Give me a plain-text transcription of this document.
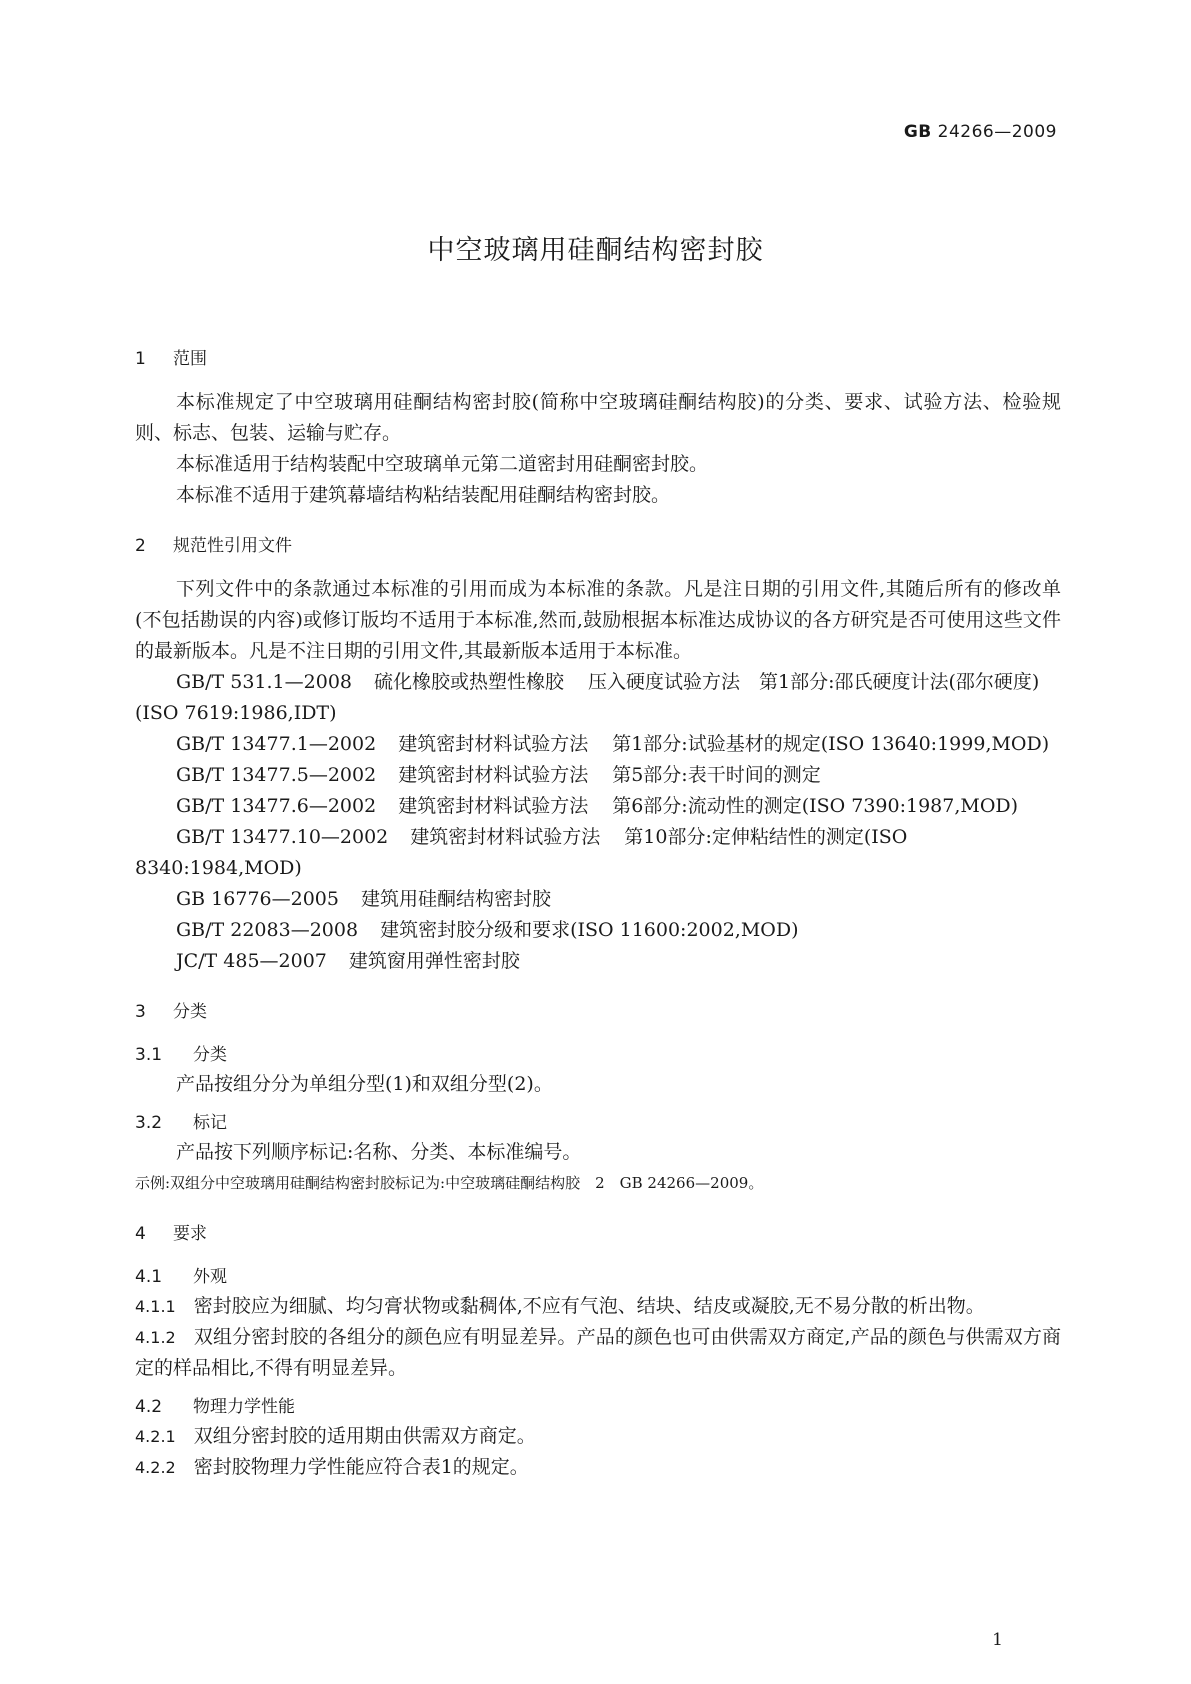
GB 24266—2009
中空玻璃用硅酮结构密封胶
1 范围

本标准规定了中空玻璃用硅酮结构密封胶(简称中空玻璃硅酮结构胶)的分类、要求、试验方法、检验规则、标志、包装、运输与贮存。

本标准适用于结构装配中空玻璃单元第二道密封用硅酮密封胶。

本标准不适用于建筑幕墙结构粘结装配用硅酮结构密封胶。

2 规范性引用文件

下列文件中的条款通过本标准的引用而成为本标准的条款。凡是注日期的引用文件,其随后所有的修改单(不包括勘误的内容)或修订版均不适用于本标准,然而,鼓励根据本标准达成协议的各方研究是否可使用这些文件的最新版本。凡是不注日期的引用文件,其最新版本适用于本标准。

GB/T 531.1—2008 硫化橡胶或热塑性橡胶 压入硬度试验方法　第1部分:邵氏硬度计法(邵尔硬度)(ISO 7619:1986,IDT)

GB/T 13477.1—2002 建筑密封材料试验方法 第1部分:试验基材的规定(ISO 13640:1999,MOD)

GB/T 13477.5—2002 建筑密封材料试验方法 第5部分:表干时间的测定

GB/T 13477.6—2002 建筑密封材料试验方法 第6部分:流动性的测定(ISO 7390:1987,MOD)

GB/T 13477.10—2002 建筑密封材料试验方法 第10部分:定伸粘结性的测定(ISO 8340:1984,MOD)

GB 16776—2005 建筑用硅酮结构密封胶

GB/T 22083—2008 建筑密封胶分级和要求(ISO 11600:2002,MOD)

JC/T 485—2007 建筑窗用弹性密封胶

3 分类
3.1 分类

产品按组分分为单组分型(1)和双组分型(2)。

3.2 标记

产品按下列顺序标记:名称、分类、本标准编号。

示例:双组分中空玻璃用硅酮结构密封胶标记为:中空玻璃硅酮结构胶　2　GB 24266—2009。

4 要求
4.1 外观

4.1.1 密封胶应为细腻、均匀膏状物或黏稠体,不应有气泡、结块、结皮或凝胶,无不易分散的析出物。

4.1.2 双组分密封胶的各组分的颜色应有明显差异。产品的颜色也可由供需双方商定,产品的颜色与供需双方商定的样品相比,不得有明显差异。

4.2 物理力学性能

4.2.1 双组分密封胶的适用期由供需双方商定。

4.2.2 密封胶物理力学性能应符合表1的规定。

1
